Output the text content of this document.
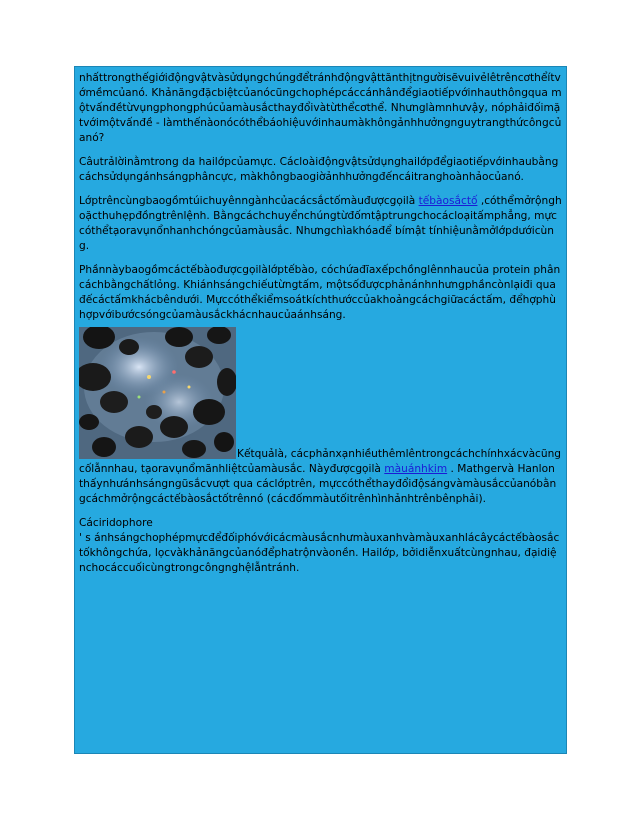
nhấttrongthếgiớiđộngvậtvàsửdụngchúngđểtránhđộngvậttănthịtngườisẽvuivẻlêtrêncơthểítvớmềmcủanó. Khảnăngđặcbiệtcủanócũngchophépcáccánhânđểgiaotiếpvớinhauthôngqua mộtvấnđềtừvụngphongphúcủamàusắcthayđổivàtừthểcơthể. Nhưnglàmnhưvậy, nóphảiđốimặtvớimộtvấnđề - làmthếnàonócóthểbáohiệuvớinhaumàkhôngảnhhưởngnguytrangthứcôngcủanó?

Câutrảlờinằmtrong da hailớpcủamực. Cácloàiđộngvậtsửdụnghailớpđểgiaotiếpvớinhaubằngcáchsửdụngánhsángphâncực, màkhôngbaogiờảnhhưởngđếncáitranghoànhảocủanó.

Lớptrêncùngbaogồmtúichuyênngànhcủacácsắctốmàuđượcgọilà tếbàosắctố ,cóthểmởrộnghoặcthuhẹpđồngtrênlệnh. Bằngcáchchuyểnchúngtừđốmtậptrungchocácloạitấmphẳng, mựccóthểtạoravụnổnhanhchóngcủamàusắc. Nhưngchìakhóađể bímật tínhiệunằmởlớpdướicùng.

Phầnnàybaogồmcáctếbàođượcgọilàlớptếbào, cóchứađĩaxếpchồnglênnhaucủa protein phâncáchbằngchấtlỏng. Khiánhsángchiếutừngtấm, mộtsốđượcphảnánhnhưngphầncònlạiđi qua đếcáctấmkhácbêndưới. Mựccóthểkiểmsoátkíchthướccủakhoảngcáchgiữacáctấm, đểhợphùhợpvớibướcsóngcủamàusắckhácnhaucủaánhsáng.

Kếtquảlà, cácphảnxạnhiềuthêmlêntrongcáchchínhxácvàcũngcốlẫnnhau, tạoravụnổmãnhliệtcủamàusắc. Nàyđượcgọilà màuánhkim . Mathgervà Hanlon thấynhưánhsángngũsắcvượt qua cáclớptrên, mựccóthểthayđổiđộsángvàmàusắccủanóbằngcáchmởrộngcáctếbàosắctốtrênnó (cácđốmmàutốitrênhìnhảnhtrênbênphải).

Cáciridophore

' s ánhsángchophépmựcđểđốiphóvớicácmàusắcnhưmàuxanhvàmàuxanhlácâycáctếbàosắctốkhôngchứa, lọcvàkhảnăngcủanóđểphatrộnvàonền. Hailớp, bởidiễnxuấtcùngnhau, đạidiệnchocáccuốicùngtrongcôngnghệlẫntránh.
